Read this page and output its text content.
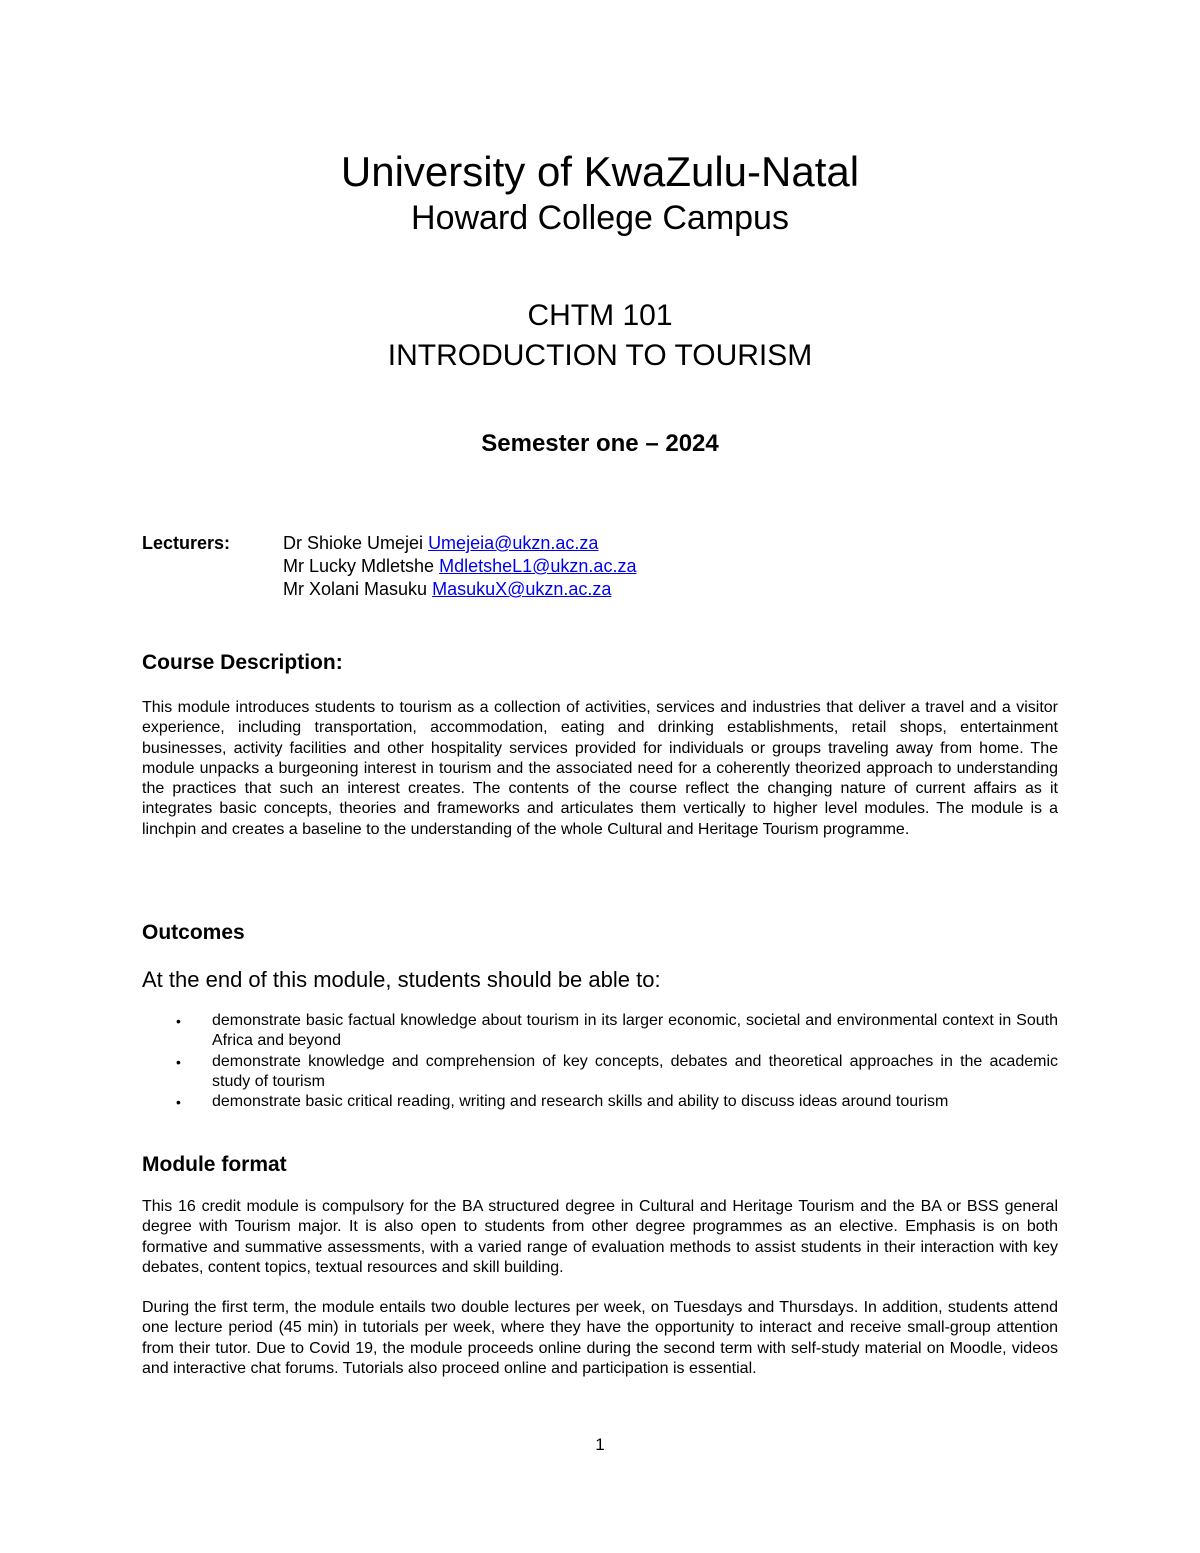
University of KwaZulu-Natal
Howard College Campus
CHTM 101
INTRODUCTION TO TOURISM
Semester one – 2024
Lecturers:	Dr Shioke Umejei Umejeia@ukzn.ac.za
Mr Lucky Mdletshe MdletsheL1@ukzn.ac.za
Mr Xolani Masuku MasukuX@ukzn.ac.za
Course Description:
This module introduces students to tourism as a collection of activities, services and industries that deliver a travel and a visitor experience, including transportation, accommodation, eating and drinking establishments, retail shops, entertainment businesses, activity facilities and other hospitality services provided for individuals or groups traveling away from home. The module unpacks a burgeoning interest in tourism and the associated need for a coherently theorized approach to understanding the practices that such an interest creates. The contents of the course reflect the changing nature of current affairs as it integrates basic concepts, theories and frameworks and articulates them vertically to higher level modules. The module is a linchpin and creates a baseline to the understanding of the whole Cultural and Heritage Tourism programme.
Outcomes
At the end of this module, students should be able to:
• demonstrate basic factual knowledge about tourism in its larger economic, societal and environmental context in South Africa and beyond
• demonstrate knowledge and comprehension of key concepts, debates and theoretical approaches in the academic study of tourism
• demonstrate basic critical reading, writing and research skills and ability to discuss ideas around tourism
Module format
This 16 credit module is compulsory for the BA structured degree in Cultural and Heritage Tourism and the BA or BSS general degree with Tourism major. It is also open to students from other degree programmes as an elective. Emphasis is on both formative and summative assessments, with a varied range of evaluation methods to assist students in their interaction with key debates, content topics, textual resources and skill building.
During the first term, the module entails two double lectures per week, on Tuesdays and Thursdays. In addition, students attend one lecture period (45 min) in tutorials per week, where they have the opportunity to interact and receive small-group attention from their tutor. Due to Covid 19, the module proceeds online during the second term with self-study material on Moodle, videos and interactive chat forums. Tutorials also proceed online and participation is essential.
1
